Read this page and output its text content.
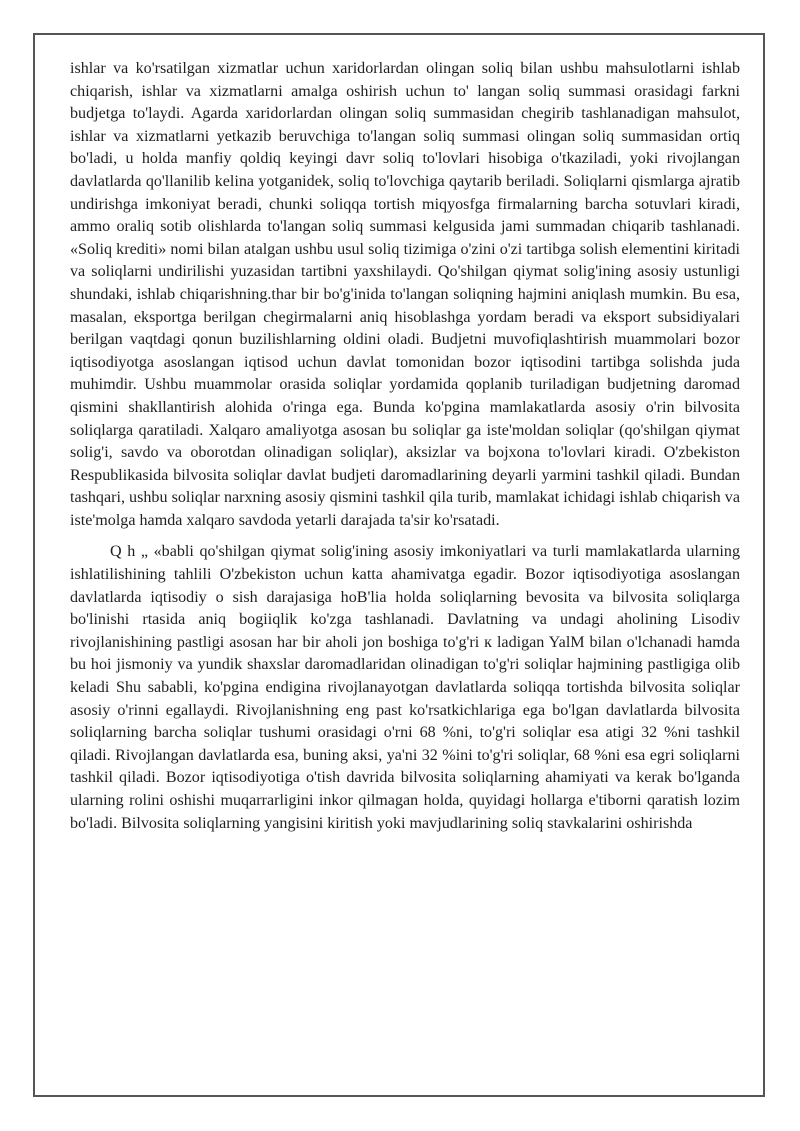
ishlar va ko'rsatilgan xizmatlar uchun xaridorlardan olingan soliq bilan ushbu mahsulotlarni ishlab chiqarish, ishlar va xizmatlarni amalga oshirish uchun to' langan soliq summasi orasidagi farkni budjetga to'laydi. Agarda xaridorlardan olingan soliq summasidan chegirib tashlanadigan mahsulot, ishlar va xizmatlarni yetkazib beruvchiga to'langan soliq summasi olingan soliq summasidan ortiq bo'ladi, u holda manfiy qoldiq keyingi davr soliq to'lovlari hisobiga o'tkaziladi, yoki rivojlangan davlatlarda qo'llanilib kelina yotganidek, soliq to'lovchiga qaytarib beriladi. Soliqlarni qismlarga ajratib undirishga imkoniyat beradi, chunki soliqqa tortish miqyosfga firmalarning barcha sotuvlari kiradi, ammo oraliq sotib olishlarda to'langan soliq summasi kelgusida jami summadan chiqarib tashlanadi. «Soliq krediti» nomi bilan atalgan ushbu usul soliq tizimiga o'zini o'zi tartibga solish elementini kiritadi va soliqlarni undirilishi yuzasidan tartibni yaxshilaydi. Qo'shilgan qiymat solig'ining asosiy ustunligi shundaki, ishlab chiqarishning.thar bir bo'g'inida to'langan soliqning hajmini aniqlash mumkin. Bu esa, masalan, eksportga berilgan chegirmalarni aniq hisoblashga yordam beradi va eksport subsidiyalari berilgan vaqtdagi qonun buzilishlarning oldini oladi. Budjetni muvofiqlashtirish muammolari bozor iqtisodiyotga asoslangan iqtisod uchun davlat tomonidan bozor iqtisodini tartibga solishda juda muhimdir. Ushbu muammolar orasida soliqlar yordamida qoplanib turiladigan budjetning daromad qismini shakllantirish alohida o'ringa ega. Bunda ko'pgina mamlakatlarda asosiy o'rin bilvosita soliqlarga qaratiladi. Xalqaro amaliyotga asosan bu soliqlar ga iste'moldan soliqlar (qo'shilgan qiymat solig'i, savdo va oborotdan olinadigan soliqlar), aksizlar va bojxona to'lovlari kiradi. O'zbekiston Respublikasida bilvosita soliqlar davlat budjeti daromadlarining deyarli yarmini tashkil qiladi. Bundan tashqari, ushbu soliqlar narxning asosiy qismini tashkil qila turib, mamlakat ichidagi ishlab chiqarish va iste'molga hamda xalqaro savdoda yetarli darajada ta'sir ko'rsatadi.

Q h „ «babli qo'shilgan qiymat solig'ining asosiy imkoniyatlari va turli mamlakatlarda ularning ishlatilishining tahlili O'zbekiston uchun katta ahamivatga egadir. Bozor iqtisodiyotiga asoslangan davlatlarda iqtisodiy o sish darajasiga hoB'lia holda soliqlarning bevosita va bilvosita soliqlarga bo'linishi rtasida aniq bogiiqlik ko'zga tashlanadi. Davlatning va undagi aholining Lisodiv rivojlanishining pastligi asosan har bir aholi jon boshiga to'g'ri к ladigan YalM bilan o'lchanadi hamda bu hoi jismoniy va yundik shaxslar daromadlaridan olinadigan to'g'ri soliqlar hajmining pastligiga olib keladi Shu sababli, ko'pgina endigina rivojlanayotgan davlatlarda soliqqa tortishda bilvosita soliqlar asosiy o'rinni egallaydi. Rivojlanishning eng past ko'rsatkichlariga ega bo'lgan davlatlarda bilvosita soliqlarning barcha soliqlar tushumi orasidagi o'rni 68 %ni, to'g'ri soliqlar esa atigi 32 %ni tashkil qiladi. Rivojlangan davlatlarda esa, buning aksi, ya'ni 32 %ini to'g'ri soliqlar, 68 %ni esa egri soliqlarni tashkil qiladi. Bozor iqtisodiyotiga o'tish davrida bilvosita soliqlarning ahamiyati va kerak bo'lganda ularning rolini oshishi muqarrarligini inkor qilmagan holda, quyidagi hollarga e'tiborni qaratish lozim bo'ladi. Bilvosita soliqlarning yangisini kiritish yoki mavjudlarining soliq stavkalarini oshirishda
